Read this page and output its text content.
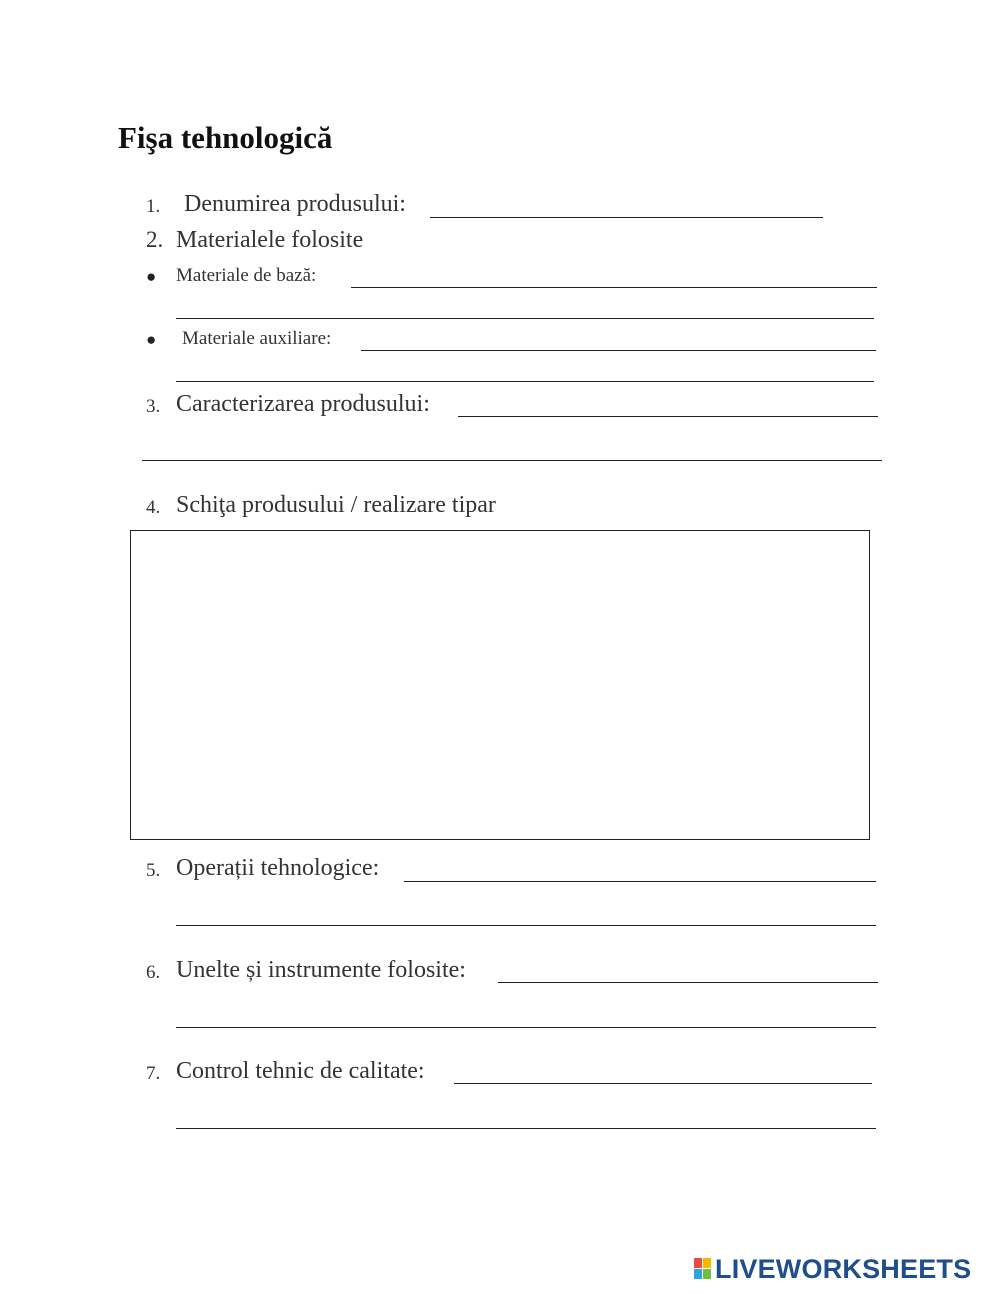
Fişa tehnologică
1. Denumirea produsului:
2. Materialele folosite
● Materiale de bază:
● Materiale auxiliare:
3. Caracterizarea produsului:
4. Schiţa produsului / realizare tipar
5. Operații tehnologice:
6. Unelte și instrumente folosite:
7. Control tehnic de calitate:
LIVEWORKSHEETS
